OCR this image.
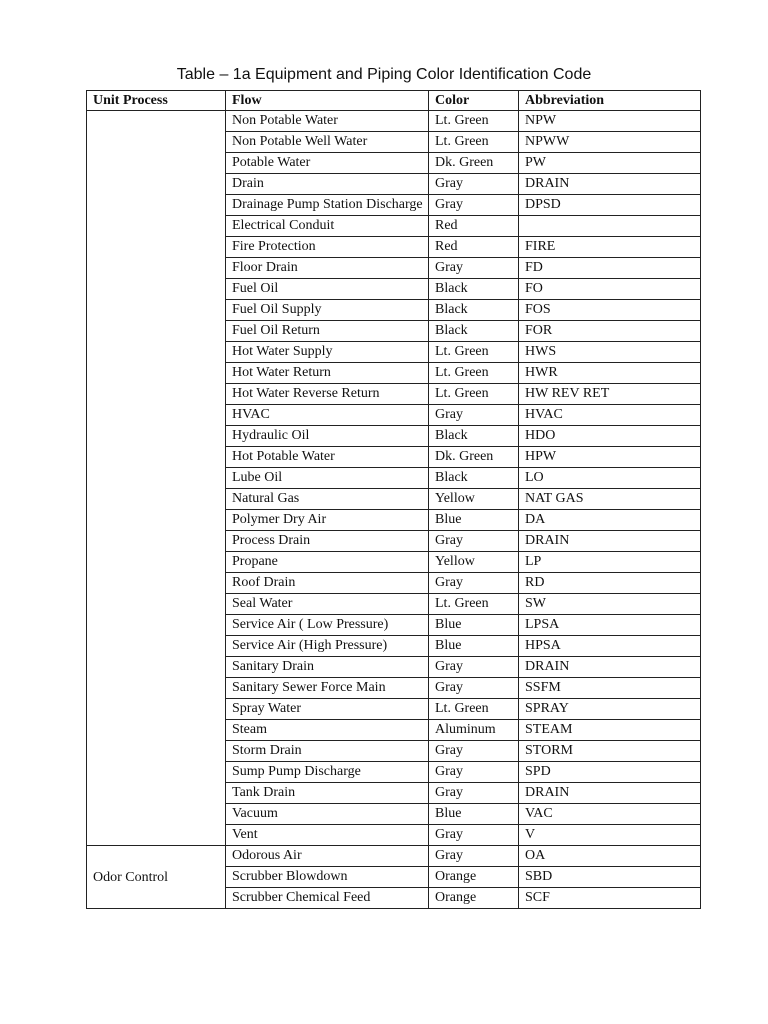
Table – 1a Equipment and Piping Color Identification Code
Unit Process	Flow	Color	Abbreviation
	Non Potable Water	Lt. Green	NPW
	Non Potable Well Water	Lt. Green	NPWW
	Potable Water	Dk. Green	PW
	Drain	Gray	DRAIN
	Drainage Pump Station Discharge	Gray	DPSD
	Electrical Conduit	Red	
	Fire Protection	Red	FIRE
	Floor Drain	Gray	FD
	Fuel Oil	Black	FO
	Fuel Oil Supply	Black	FOS
	Fuel Oil Return	Black	FOR
	Hot Water Supply	Lt. Green	HWS
	Hot Water Return	Lt. Green	HWR
	Hot Water Reverse Return	Lt. Green	HW REV RET
	HVAC	Gray	HVAC
	Hydraulic Oil	Black	HDO
	Hot Potable Water	Dk. Green	HPW
	Lube Oil	Black	LO
	Natural Gas	Yellow	NAT GAS
	Polymer Dry Air	Blue	DA
	Process Drain	Gray	DRAIN
	Propane	Yellow	LP
	Roof Drain	Gray	RD
	Seal Water	Lt. Green	SW
	Service Air ( Low Pressure)	Blue	LPSA
	Service Air (High Pressure)	Blue	HPSA
	Sanitary Drain	Gray	DRAIN
	Sanitary Sewer Force Main	Gray	SSFM
	Spray Water	Lt. Green	SPRAY
	Steam	Aluminum	STEAM
	Storm Drain	Gray	STORM
	Sump Pump Discharge	Gray	SPD
	Tank Drain	Gray	DRAIN
	Vacuum	Blue	VAC
	Vent	Gray	V
Odor Control	Odorous Air	Gray	OA
	Scrubber Blowdown	Orange	SBD
	Scrubber Chemical Feed	Orange	SCF
